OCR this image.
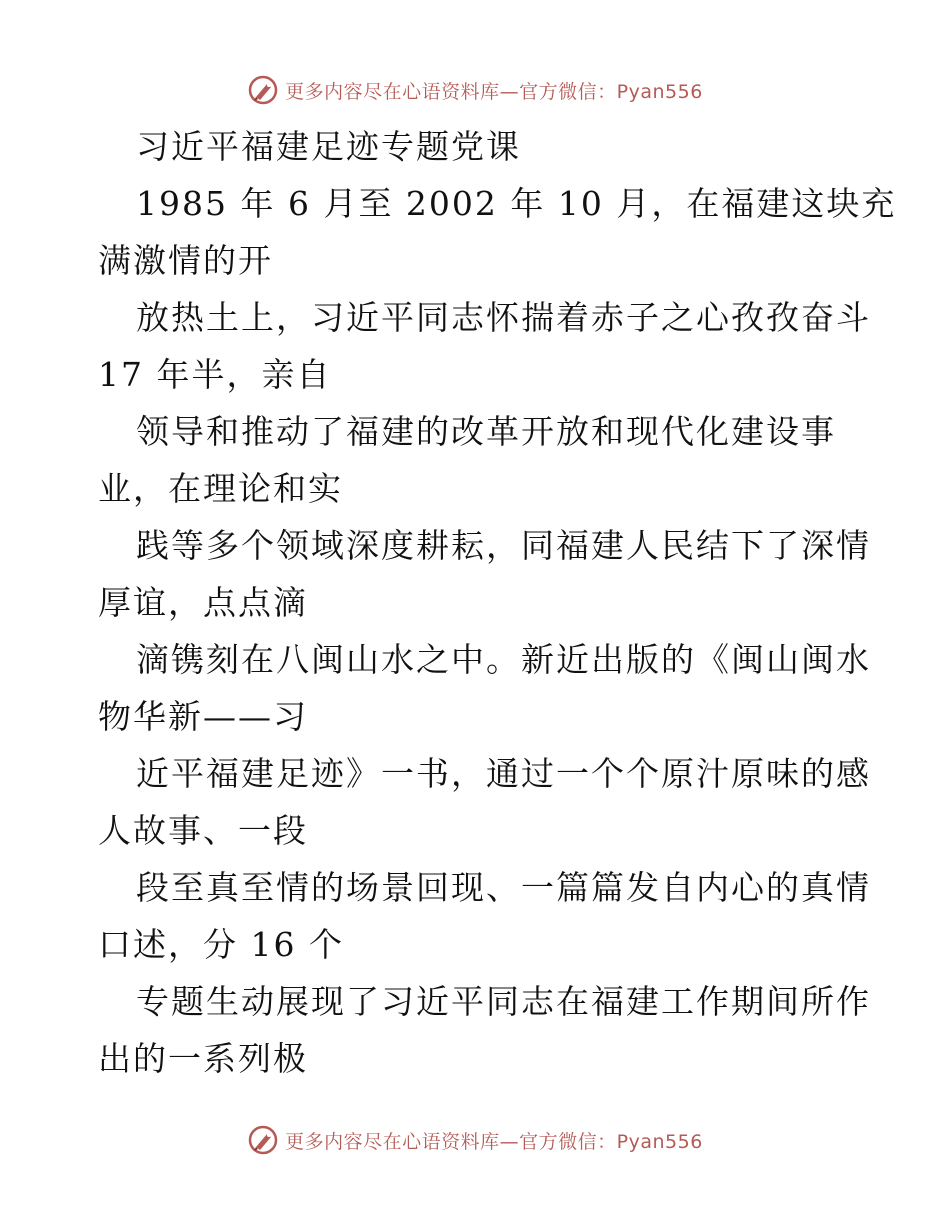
更多内容尽在心语资料库—官方微信：Pyan556
习近平福建足迹专题党课
1985 年 6 月至 2002 年 10 月，在福建这块充
满激情的开
放热土上，习近平同志怀揣着赤子之心孜孜奋斗
17 年半，亲自
领导和推动了福建的改革开放和现代化建设事
业，在理论和实
践等多个领域深度耕耘，同福建人民结下了深情
厚谊，点点滴
滴镌刻在八闽山水之中。新近出版的《闽山闽水
物华新——习
近平福建足迹》一书，通过一个个原汁原味的感
人故事、一段
段至真至情的场景回现、一篇篇发自内心的真情
口述，分 16 个
专题生动展现了习近平同志在福建工作期间所作
出的一系列极
更多内容尽在心语资料库—官方微信：Pyan556
